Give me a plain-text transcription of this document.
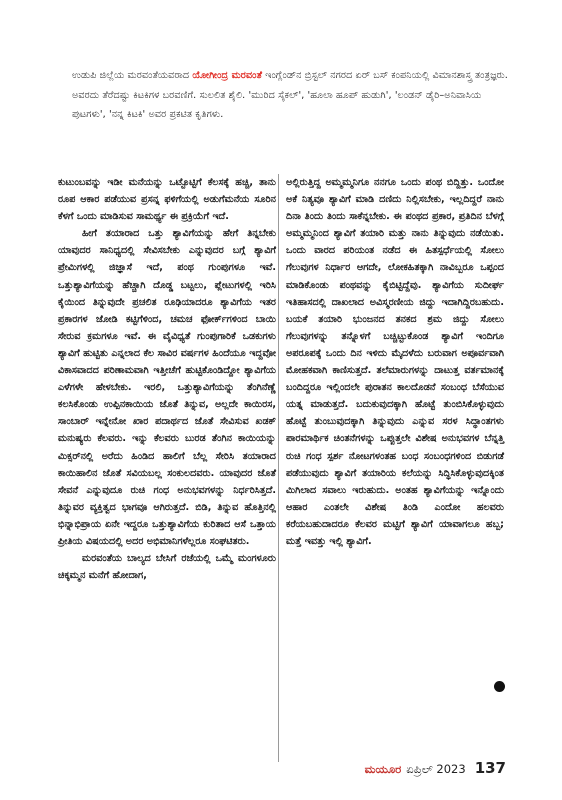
ಉಡುಪಿ ಜಿಲ್ಲೆಯ ಮರವಂತೆಯವರಾದ ಯೋಗೀಂದ್ರ ಮರವಂತೆ ಇಂಗ್ಲೆಂಡ್‌ನ ಬ್ರಿಸ್ಟಲ್ ನಗರದ ಏರ್ ಬಸ್ ಕಂಪನಿಯಲ್ಲಿ ವಿಮಾನಶಾಸ್ತ್ರ ತಂತ್ರಜ್ಞರು. ಅವರದು ತೆರೆದಷ್ಟು ಕಿಟಕಿಗಳ ಬರವಣಿಗೆ. ಸುಲಲಿತ ಶೈಲಿ. 'ಮುರಿದ ಸೈಕಲ್', 'ಹೂಲಾ ಹೂಪ್ ಹುಡುಗಿ', 'ಲಂಡನ್ ಡೈರಿ–ಅನಿವಾಸಿಯ ಪುಟಗಳು', 'ನನ್ನ ಕಿಟಕಿ' ಅವರ ಪ್ರಕಟಿತ ಕೃತಿಗಳು.

ಕುಟುಂಬವನ್ನು ಇಡೀ ಮನೆಯನ್ನು ಒಟ್ಟೊಟ್ಟಿಗೆ ಕೆಲಸಕ್ಕೆ ಹಚ್ಚಿ, ತಾನು ರೂಪ ಆಕಾರ ಪಡೆಯುವ ಪ್ರಸನ್ನ ಫಳಿಗೆಯಲ್ಲಿ ಅಡುಗೆಮನೆಯ ಸೂರಿನ ಕೆಳಗೆ ಒಂದು ಮಾಡಿಸುವ ಸಾಮರ್ಥ್ಯ ಈ ಪ್ರಕ್ರಿಯೆಗೆ ಇದೆ.

ಹೀಗೆ ತಯಾರಾದ ಒತ್ತು ಶ್ಯಾವಿಗೆಯನ್ನು ಹೇಗೆ ತಿನ್ನಬೇಕು ಯಾವುದರ ಸಾನಿಧ್ಯದಲ್ಲಿ ಸೇವಿಸಬೇಕು ಎನ್ನುವುದರ ಬಗ್ಗೆ ಶ್ಯಾವಿಗೆ ಪ್ರೇಮಿಗಳಲ್ಲಿ ಜಿಜ್ಞಾಸೆ ಇದೆ, ಪಂಥ ಗುಂಪುಗಳೂ ಇವೆ. ಒತ್ತುಶ್ಯಾವಿಗೆಯನ್ನು ಹೆಚ್ಚಾಗಿ ದೊಡ್ಡ ಬಟ್ಟಲು, ಪ್ಲೇಟುಗಳಲ್ಲಿ ಇರಿಸಿ ಕೈಯಿಂದ ತಿನ್ನುವುದೇ ಪ್ರಚಲಿತ ರೂಢಿಯಾದರೂ ಶ್ಯಾವಿಗೆಯ ಇತರ ಪ್ರಕಾರಗಳ ಜೋಡಿ ಕಟ್ಟಿಗೆಳಿಂದ, ಚಮಚ ಫೋರ್ಕ್‌ಗಳಿಂದ ಬಾಯಿ ಸೇರುವ ಕ್ರಮಗಳೂ ಇವೆ. ಈ ವೈವಿಧ್ಯತೆ ಗುಂಪುಗಾರಿಕೆ ಒಡಕುಗಳು ಶ್ಯಾವಿಗೆ ಹುಟ್ಟಿತು ಎನ್ನಲಾದ ಕೆಲ ಸಾವಿರ ವರ್ಷಗಳ ಹಿಂದೆಯೂ ಇದ್ದವೋ ವಿಕಾಸವಾದದ ಪರಿಣಾಮವಾಗಿ ಇತ್ತೀಚೆಗೆ ಹುಟ್ಟಿಕೊಂಡಿದ್ದೋ ಶ್ಯಾವಿಗೆಯ ಎಳೆಗಳೇ ಹೇಳಬೇಕು. ಇರಲಿ, ಒತ್ತುಶ್ಯಾವಿಗೆಯನ್ನು ತೆಂಗಿನೆಣ್ಣೆ ಕಲಸಿಕೊಂಡು ಉಪ್ಪಿನಕಾಯಿಯ ಜೊತೆ ತಿನ್ನುವ, ಅಲ್ಲದೇ ಕಾಯಿರಸ, ಸಾಂಬಾರ್ ಇನ್ನೇನೋ ಖಾರ ಪದಾರ್ಥದ ಜೊತೆ ಸೇವಿಸುವ ಖಡಕ್ ಮನುಷ್ಯರು ಕೆಲವರು. ಇನ್ನು ಕೆಲವರು ಬುರಡ ತೆಂಗಿನ ಕಾಯಿಯನ್ನು ಮಿಕ್ಸರ್‌ನಲ್ಲಿ ಅರೆದು ಹಿಂಡಿದ ಹಾಲಿಗೆ ಬೆಲ್ಲ ಸೇರಿಸಿ ತಯಾರಾದ ಕಾಯಿಹಾಲಿನ ಜೊತೆ ಸವಿಯಬಲ್ಲ ಸಂಕುಲದವರು. ಯಾವುದರ ಜೊತೆ ಸೇವನೆ ಎನ್ನುವುದೂ ರುಚಿ ಗಂಧ ಅನುಭವಗಳನ್ನು ನಿರ್ಧರಿಸಿತ್ತದೆ. ತಿನ್ನುವರ ವ್ಯಕ್ತಿತ್ವದ ಭಾಗವೂ ಆಗಿರುತ್ತದೆ. ಬಿಡಿ, ತಿನ್ನುವ ಹೊತ್ತಿನಲ್ಲಿ ಭಿನ್ನಾಭಿಪ್ರಾಯ ಏನೇ ಇದ್ದರೂ ಒತ್ತುಶ್ಯಾವಿಗೆಯ ಕುರಿತಾದ ಆಸೆ ಒತ್ತಾಯ ಪ್ರೀತಿಯ ವಿಷಯದಲ್ಲಿ ಅದರ ಅಭಿಮಾನಿಗಳೆಲ್ಲರೂ ಸಂಘಟಿತರು.

ಮರವಂತೆಯ ಬಾಲ್ಯದ ಬೇಸಿಗೆ ರಜೆಯಲ್ಲಿ ಒಮ್ಮೆ ಮಂಗಳೂರು ಚಿಕ್ಕಮ್ಮನ ಮನೆಗೆ ಹೋದಾಗ,

ಅಲ್ಲಿರುತ್ತಿದ್ದ ಅಮ್ಮಮ್ಮನಿಗೂ ನನಗೂ ಒಂದು ಪಂಥ ಬಿದ್ದಿತ್ತು. ಒಂದೋ ಅಕೆ ನಿತ್ಯವೂ ಶ್ಯಾವಿಗೆ ಮಾಡಿ ದಣಿದು ನಿಲ್ಲಿಸಬೇಕು, ಇಲ್ಲದಿದ್ದರೆ ನಾನು ದಿನಾ ತಿಂದು ತಿಂದು ಸಾಕೆನ್ನಬೇಕು. ಈ ಪಂಥದ ಪ್ರಕಾರ, ಪ್ರತಿದಿನ ಬೆಳಗ್ಗೆ ಅಮ್ಮಮ್ಮನಿಂದ ಶ್ಯಾವಿಗೆ ತಯಾರಿ ಮತ್ತು ನಾನು ತಿನ್ನುವುದು ನಡೆಯಿತು. ಒಂದು ವಾರದ ಪರಿಯಂತ ನಡೆದ ಈ ಹಿತಸ್ಪರ್ಧೆಯಲ್ಲಿ ಸೋಲು ಗೆಲುವುಗಳ ನಿರ್ಧಾರ ಆಗದೇ, ಲೋಕಹಿತಕ್ಕಾಗಿ ನಾವಿಬ್ಬರೂ ಒಪ್ಪಂದ ಮಾಡಿಕೊಂಡು ಪಂಥವನ್ನು ಕೈಬಿಟ್ಟಿದ್ದೆವು. ಶ್ಯಾವಿಗೆಯ ಸುದೀರ್ಘ ಇತಿಹಾಸದಲ್ಲಿ ದಾಖಲಾದ ಅವಿಸ್ಮರಣೀಯ ಜಿದ್ದು ಇದಾಗಿದ್ದಿರಬಹುದು. ಬಯಕೆ ತಯಾರಿ ಭುಂಜನದ ತನಕದ ಶ್ರಮ ಜಿದ್ದು ಸೋಲು ಗೆಲುವುಗಳನ್ನು ತನ್ನೊಳಗೆ ಬಚ್ಚಿಟ್ಟುಕೊಂಡ ಶ್ಯಾವಿಗೆ ಇಂದಿಗೂ ಅಪರೂಪಕ್ಕೆ ಒಂದು ದಿನ ಇಳಿದು ಮೈದಳೆದು ಬರುವಾಗ ಅಪೂರ್ವವಾಗಿ ಮೋಹಕವಾಗಿ ಕಾಣಿಸುತ್ತದೆ. ತಲೆಮಾರುಗಳನ್ನು ದಾಟುತ್ತ ವರ್ತಮಾನಕ್ಕೆ ಬಂದಿದ್ದರೂ ಇಲ್ಲಿಂದಲೇ ಪುರಾತನ ಕಾಲದೊಡನೆ ಸಂಬಂಧ ಬೆಸೆಯುವ ಯತ್ನ ಮಾಡುತ್ತದೆ. ಬದುಕುವುದಕ್ಕಾಗಿ ಹೊಟ್ಟೆ ತುಂಬಿಸಿಕೊಳ್ಳುವುದು ಹೊಟ್ಟೆ ತುಂಬುವುದಕ್ಕಾಗಿ ತಿನ್ನುವುದು ಎನ್ನುವ ಸರಳ ಸಿದ್ಧಾಂತಗಳು ಪಾರಮಾರ್ಥಿಕ ಚಿಂತನೆಗಳನ್ನು ಒಪ್ಪುತ್ತಲೇ ವಿಶೇಷ ಅನುಭವಗಳ ಬೆನ್ನತ್ತಿ ರುಚಿ ಗಂಧ ಸ್ಪರ್ಶ ನೋಟಗಳಂತಹ ಬಂಧ ಸಂಬಂಧಗಳಿಂದ ಬಿಡುಗಡೆ ಪಡೆಯುವುದು ಶ್ಯಾವಿಗೆ ತಯಾರಿಯ ಕಲೆಯನ್ನು ಸಿದ್ಧಿಸಿಕೊಳ್ಳುವುದಕ್ಕಿಂತ ಮಿಗಿಲಾದ ಸವಾಲು ಇರುಹುದು. ಅಂತಹ ಶ್ಯಾವಿಗೆಯನ್ನು ಇನ್ನೊಂದು ಆಹಾರ ಎಂತಲೇ ವಿಶೇಷ ತಿಂಡಿ ಎಂದೋ ಹಲವರು ಕರೆಯಬಹುದಾದರೂ ಕೆಲವರ ಮಟ್ಟಿಗೆ ಶ್ಯಾವಿಗೆ ಯಾವಾಗಲೂ ಹಬ್ಬ; ಮತ್ತೆ ಇವತ್ತು ಇಲ್ಲಿ ಶ್ಯಾವಿಗೆ.

ಮಯೂರ ಏಪ್ರಿಲ್ 2023 137
